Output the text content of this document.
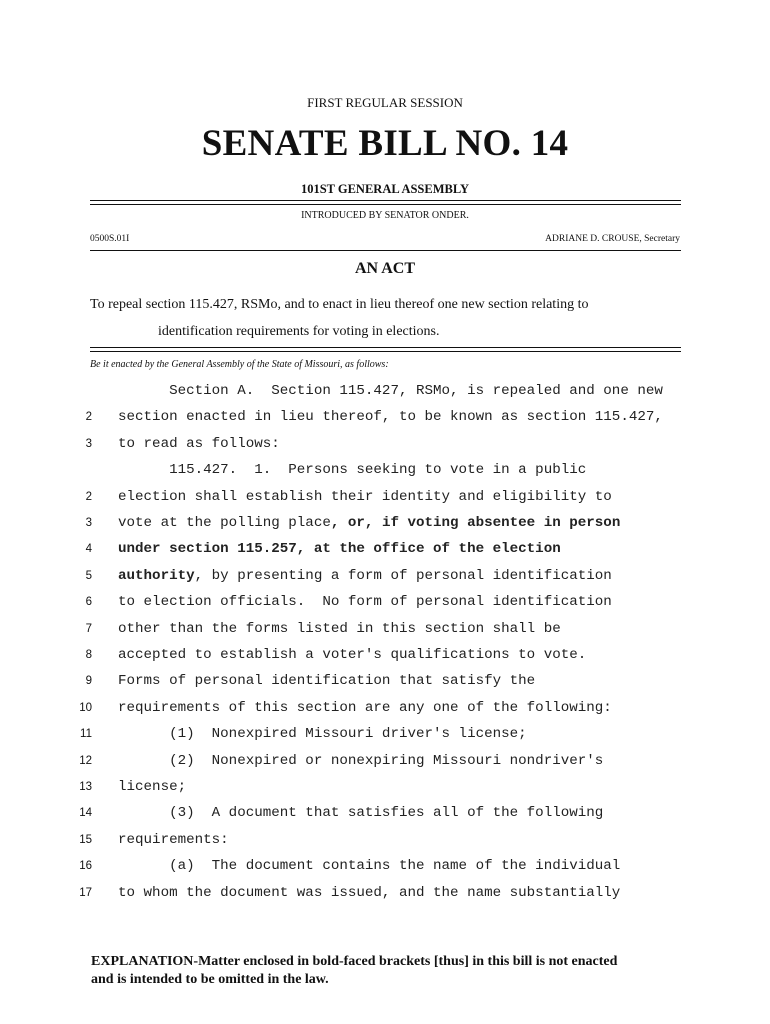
FIRST REGULAR SESSION
SENATE BILL NO. 14
101ST GENERAL ASSEMBLY
INTRODUCED BY SENATOR ONDER.
0500S.01I	ADRIANE D. CROUSE, Secretary
AN ACT
To repeal section 115.427, RSMo, and to enact in lieu thereof one new section relating to
identification requirements for voting in elections.
Be it enacted by the General Assembly of the State of Missouri, as follows:
Section A.  Section 115.427, RSMo, is repealed and one new
2 section enacted in lieu thereof, to be known as section 115.427,
3 to read as follows:
115.427.  1.  Persons seeking to vote in a public
2 election shall establish their identity and eligibility to
3 vote at the polling place, or, if voting absentee in person
4 under section 115.257, at the office of the election
5 authority, by presenting a form of personal identification
6 to election officials.  No form of personal identification
7 other than the forms listed in this section shall be
8 accepted to establish a voter's qualifications to vote.
9 Forms of personal identification that satisfy the
10 requirements of this section are any one of the following:
11 (1)  Nonexpired Missouri driver's license;
12 (2)  Nonexpired or nonexpiring Missouri nondriver's
13 license;
14 (3)  A document that satisfies all of the following
15 requirements:
16 (a)  The document contains the name of the individual
17 to whom the document was issued, and the name substantially
EXPLANATION-Matter enclosed in bold-faced brackets [thus] in this bill is not enacted
and is intended to be omitted in the law.
